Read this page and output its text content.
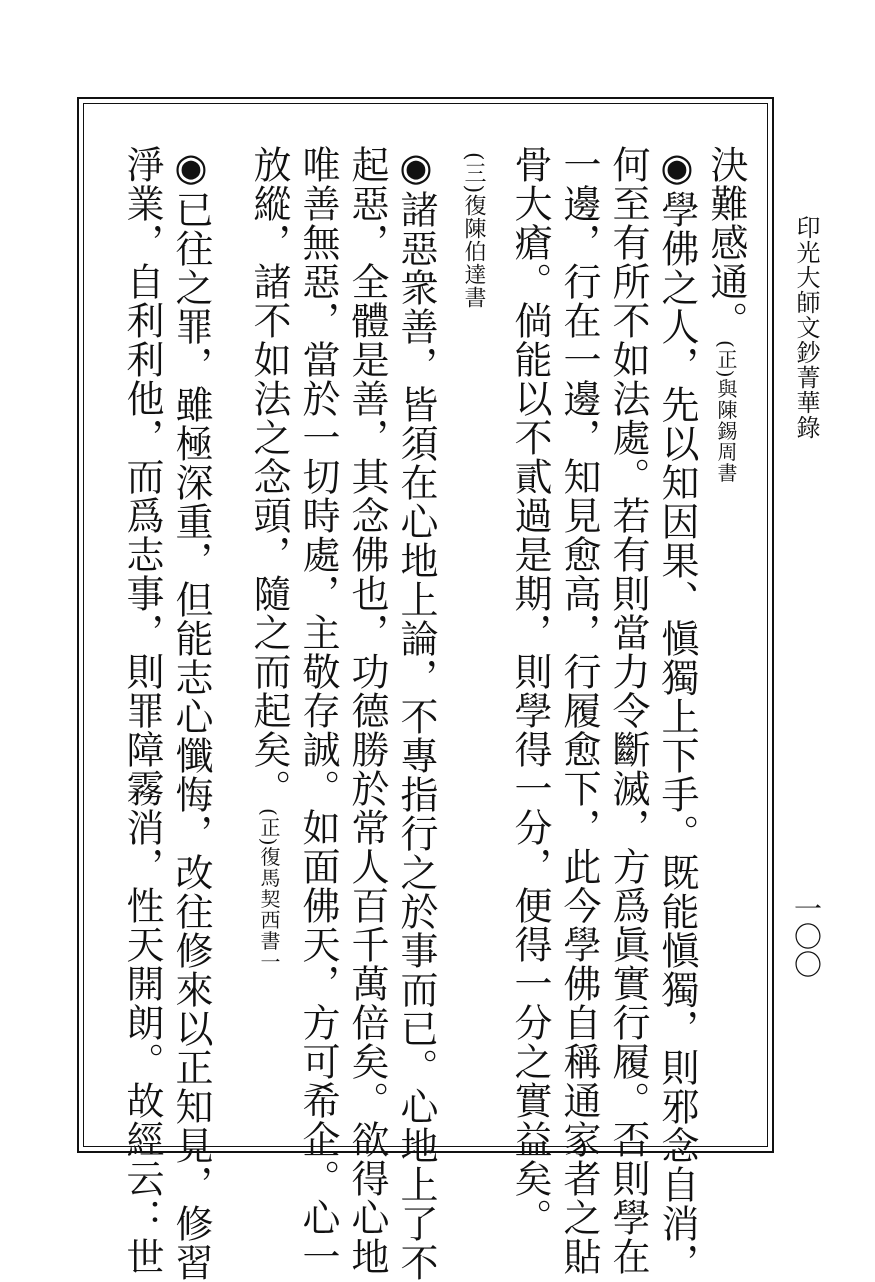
印光大師文鈔菁華錄
一〇〇
決難感通。(正)與陳錫周書
◉學佛之人，先以知因果、愼獨上下手。既能愼獨，則邪念自消，
何至有所不如法處。若有則當力令斷滅，方爲眞實行履。否則學在
一邊，行在一邊，知見愈高，行履愈下，此今學佛自稱通家者之貼
骨大瘡。倘能以不貳過是期，則學得一分，便得一分之實益矣。
(三)復陳伯達書
◉諸惡衆善，皆須在心地上論，不專指行之於事而已。心地上了不
起惡，全體是善，其念佛也，功德勝於常人百千萬倍矣。欲得心地
唯善無惡，當於一切時處，主敬存誠。如面佛天，方可希企。心一
放縱，諸不如法之念頭，隨之而起矣。(正)復馬契西書一
◉已往之罪，雖極深重，但能志心懺悔，改往修來以正知見，修習
淨業，自利利他，而爲志事，則罪障霧消，性天開朗。故經云：世
